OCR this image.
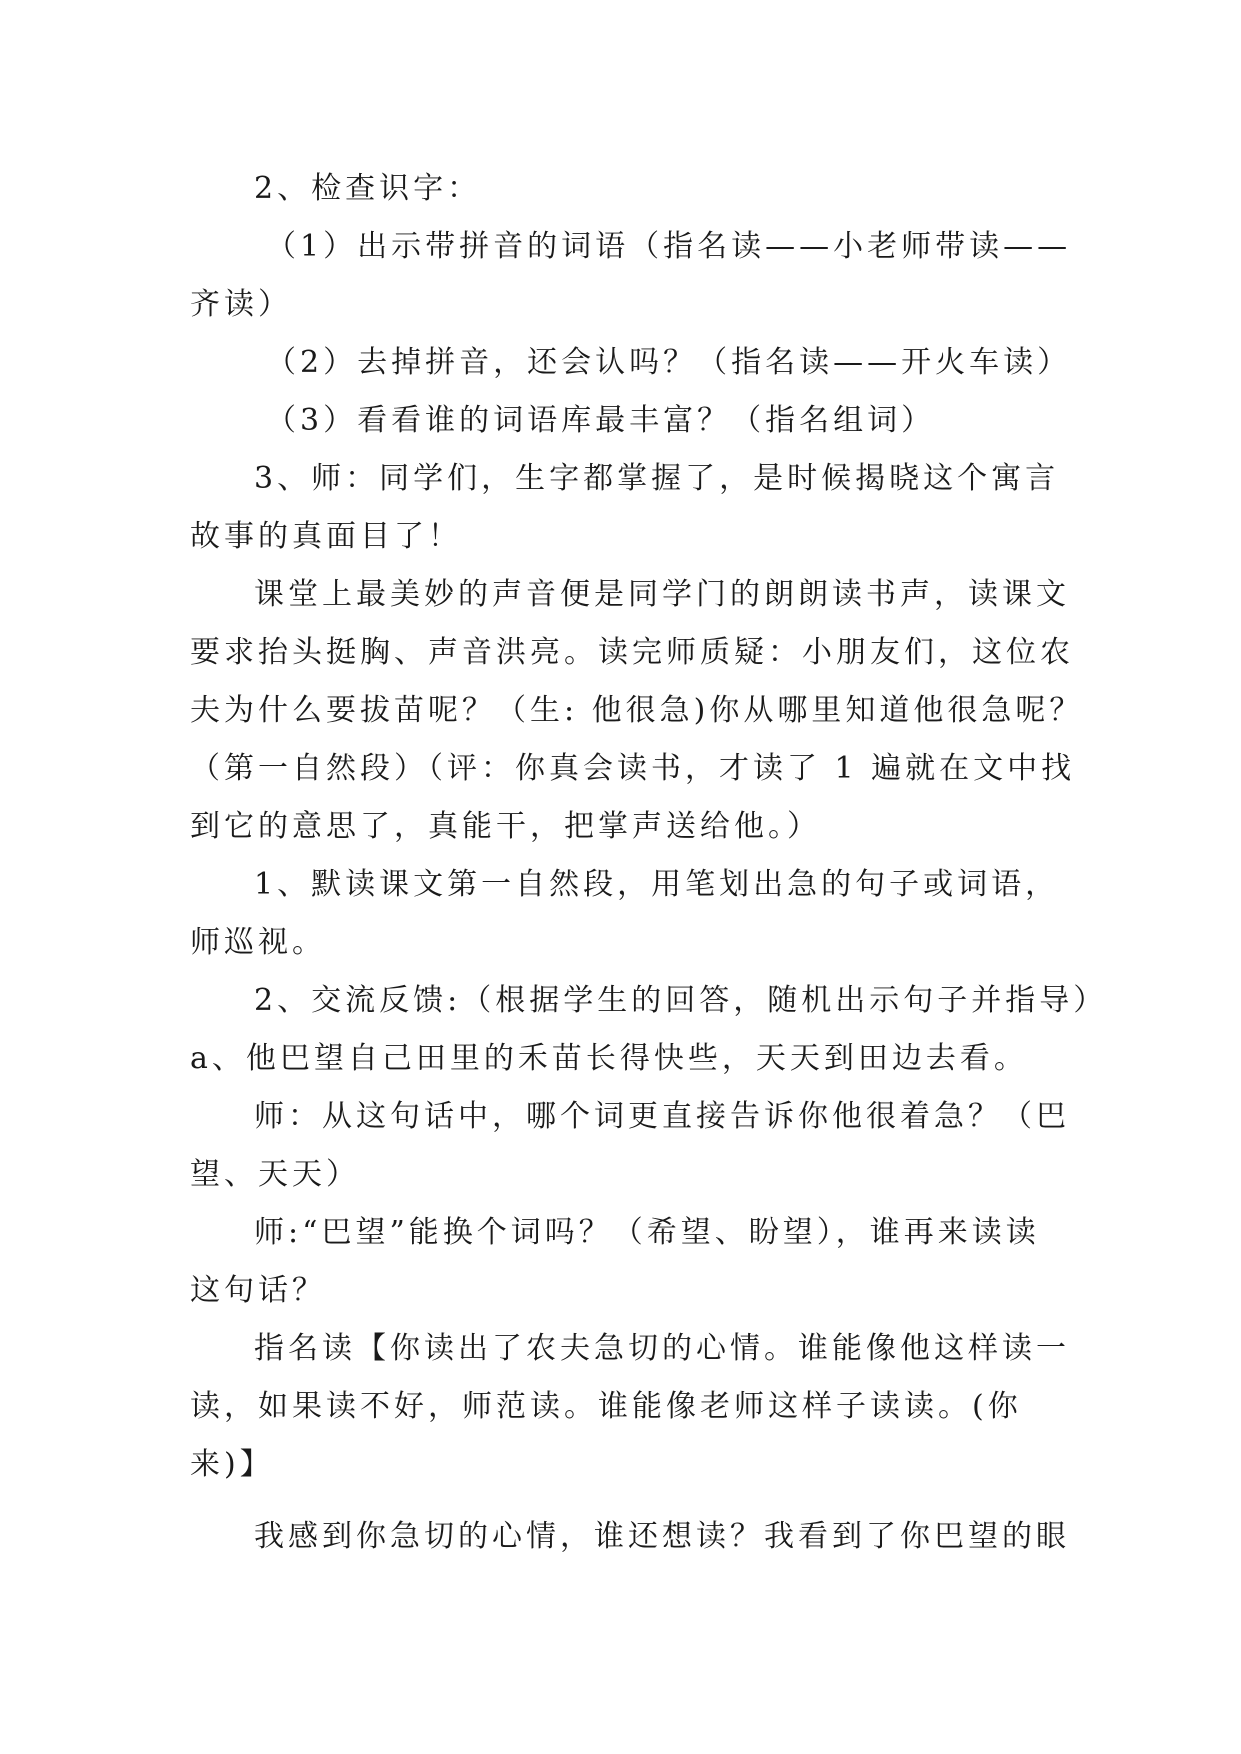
2、检查识字：

（1）出示带拼音的词语（指名读——小老师带读——

齐读）

（2）去掉拼音，还会认吗？（指名读——开火车读）

（3）看看谁的词语库最丰富？（指名组词）

3、师：同学们，生字都掌握了，是时候揭晓这个寓言

故事的真面目了！

课堂上最美妙的声音便是同学门的朗朗读书声，读课文

要求抬头挺胸、声音洪亮。读完师质疑：小朋友们，这位农

夫为什么要拔苗呢？（生: 他很急)你从哪里知道他很急呢？

（第一自然段）（评：你真会读书，才读了 1 遍就在文中找

到它的意思了，真能干，把掌声送给他。）

1、默读课文第一自然段，用笔划出急的句子或词语，

师巡视。

2、交流反馈:（根据学生的回答，随机出示句子并指导）

a、他巴望自己田里的禾苗长得快些，天天到田边去看。

师：从这句话中，哪个词更直接告诉你他很着急？（巴

望、天天）

师:“巴望”能换个词吗？（希望、盼望），谁再来读读

这句话？

指名读【你读出了农夫急切的心情。谁能像他这样读一

读，如果读不好，师范读。谁能像老师这样子读读。(你

来)】

我感到你急切的心情，谁还想读？我看到了你巴望的眼
